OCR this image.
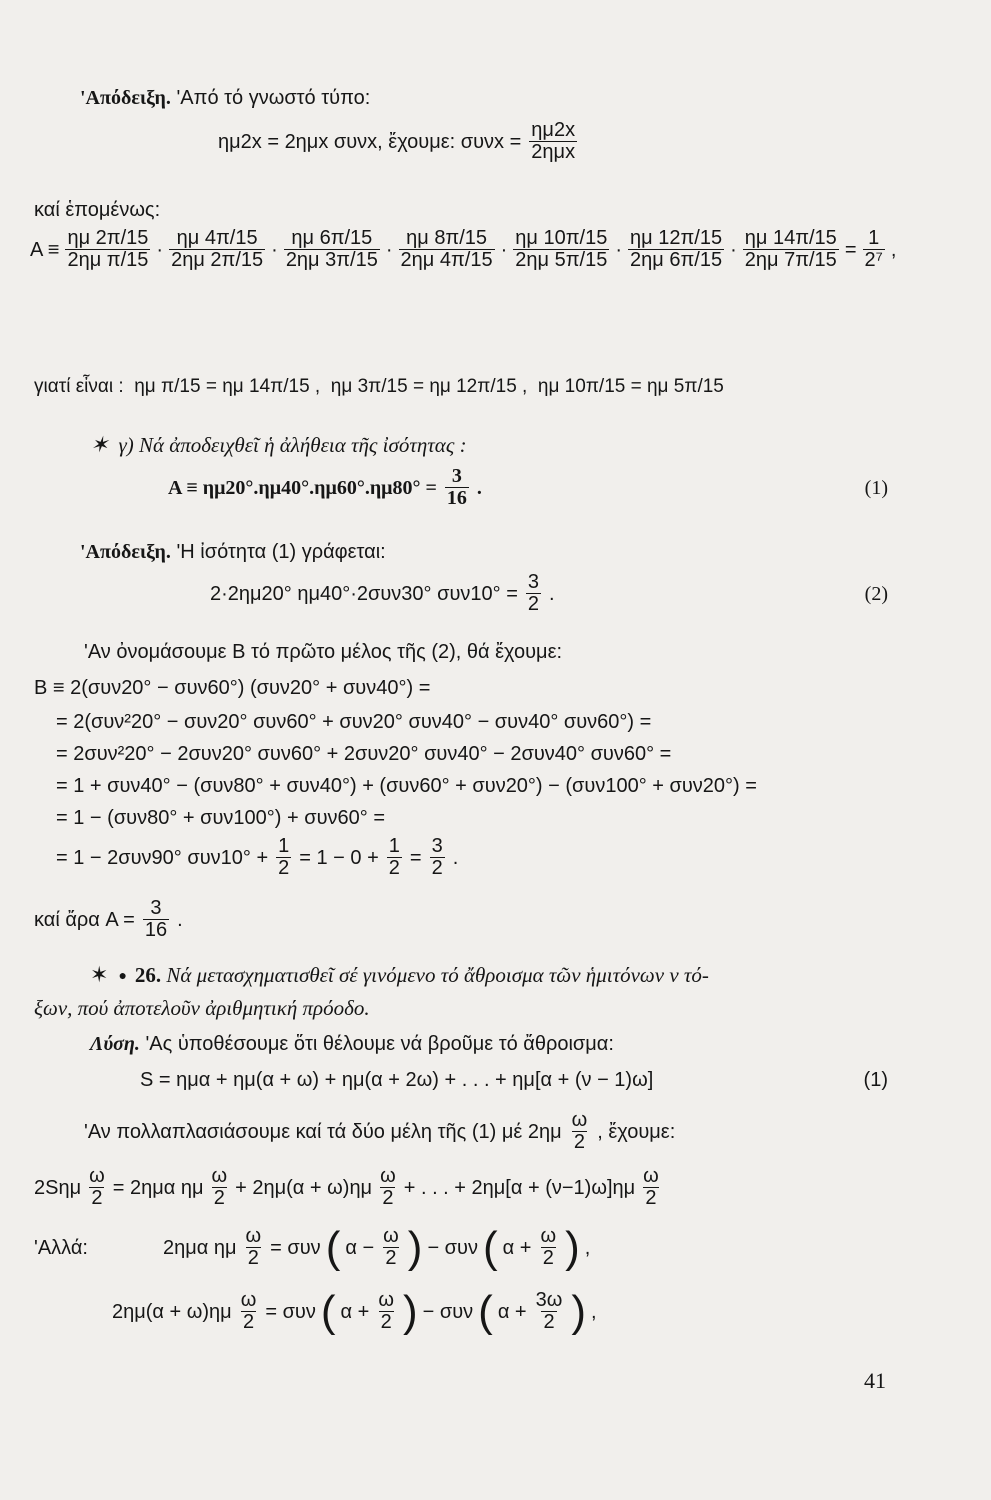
'Απόδειξη. 'Από τό γνωστό τύπο:
ημ2x = 2ημx συνx, ἔχουμε: συνx =
ημ2x
2ημx
καί ἑπομένως:
$A \equiv \frac{\eta\mu 2\pi/15}{\text{2ημ π/15}} \cdot \frac{\eta\mu 4\pi/15}{2\eta\mu 2\pi/15} \cdot \frac{\eta\mu 6\pi/15}{2\eta\mu 3\pi/15} \cdot \frac{\eta\mu 8\pi/15}{2\eta\mu 4\pi/15} \cdot \frac{\eta\mu 10\pi/15}{2\eta\mu 5\pi/15} \cdot \frac{\eta\mu 12\pi/15}{2\eta\mu 6\pi/15} \cdot \frac{\eta\mu 14\pi/15}{2\eta\mu 7\pi/15} = \frac{1}{\text{2⁷}}$ ,
γιατί εἶναι : ημ π/15 = ημ 14π/15 , ημ 3π/15 = ημ 12π/15 , ημ 10π/15 = ημ 5π/15
✶ γ) Νά ἀποδειχθεῖ ἡ ἀλήθεια τῆς ἰσότητας :
$A \equiv \eta\mu 20^\circ.\eta\mu 40^\circ.\eta\mu 60^\circ.\eta\mu 80^\circ = \frac{3}{16}$ .	(1)
'Απόδειξη. 'Η ἰσότητα (1) γράφεται:
2·2ημ20° ημ40°·2συν30° $\sigma\upsilon\nu 10^\circ = \frac{3}{2}$ .	(2)
'Αν ὀνομάσουμε B τό πρῶτο μέλος τῆς (2), θά ἔχουμε:
B ≡ 2(συν20° − συν60°) (συν20° + συν40°) =
= 2(συν²20° − συν20° συν60° + συν20° συν40° − συν40° συν60°) =
= 2συν²20° − 2συν20° συν60° + 2συν20° συν40° − 2συν40° συν60° =
= 1 + συν40° − (συν80° + συν40°) + (συν60° + συν20°) − (συν100° + συν20°) =
= 1 − (συν80° + συν100°) + συν60° =
= 1 − 2συν90° $\sigma\upsilon\nu 10^\circ + \frac{1}{2} = 1 - 0 + \frac{1}{2} = \frac{3}{2}$ .
καί ἄρα $A = \frac{3}{16}$ .
✶ ● 26. Νά μετασχηματισθεῖ σέ γινόμενο τό ἄθροισμα τῶν ἡμιτόνων ν τό-
ξων, πού ἀποτελοῦν ἀριθμητική πρόοδο.
Λύση. 'Ας ὑποθέσουμε ὅτι θέλουμε νά βροῦμε τό ἄθροισμα:
S = ημα + ημ(α + ω) + ημ(α + 2ω) + . . . + ημ[α + (ν − 1)ω]	(1)
'Αν πολλαπλασιάσουμε καί τά δύο μέλη τῆς (1) μέ $2\eta\mu \frac{\omega}{2}$ , ἔχουμε:
$2S\eta\mu \frac{\omega}{2} = 2\eta\mu\alpha$ ημ $\frac{\omega}{2} + 2\eta\mu(\alpha + \omega)\eta\mu \frac{\omega}{2}$ + . . . + $2\eta\mu[\alpha + (\nu-1)\omega]\eta\mu \frac{\omega}{2}$
'Αλλά:	2ημα ημ $\frac{\omega}{2} = \sigma\upsilon\nu$ ( $\alpha - \frac{\omega}{2}$ ) − συν ( $\alpha + \frac{\omega}{2}$ ) ,
$2\eta\mu(\alpha + \omega)\eta\mu \frac{\omega}{2} = \sigma\upsilon\nu$ ( $\alpha + \frac{\omega}{2}$ ) − συν ( $\alpha + \frac{3\omega}{2}$ ) ,
41
